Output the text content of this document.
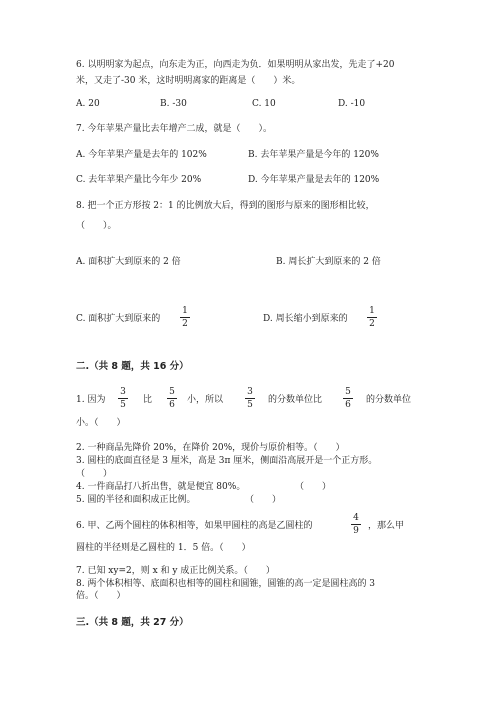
6. 以明明家为起点，向东走为正，向西走为负．如果明明从家出发，先走了+20
米，又走了-30 米，这时明明离家的距离是（　　）米。
A. 20	B. -30	C. 10	D. -10
7. 今年苹果产量比去年增产二成，就是（　　）。
A. 今年苹果产量是去年的 102%	B. 去年苹果产量是今年的 120%
C. 去年苹果产量比今年少 20%	D. 今年苹果产量是去年的 120%
8. 把一个正方形按 2：1 的比例放大后，得到的图形与原来的图形相比较，
（　　）。
A. 面积扩大到原来的 2 倍	B. 周长扩大到原来的 2 倍
C. 面积扩大到原来的
1
2	D. 周长缩小到原来的
1
2
二.（共 8 题，共 16 分）
1. 因为
3
5 比
5
6 小，所以
3
5 的分数单位比
5
6 的分数单位
小。（　　）
2. 一种商品先降价 20%，在降价 20%，现价与原价相等。（　　）
3. 圆柱的底面直径是 3 厘米，高是 3π 厘米，侧面沿高展开是一个正方形。
（　　）
4. 一件商品打八折出售，就是便宜 80%。	（　　）
5. 圆的半径和面积成正比例。	（　　）
6. 甲、乙两个圆柱的体积相等，如果甲圆柱的高是乙圆柱的
4
9 ，那么甲
圆柱的半径则是乙圆柱的 1．5 倍。（　　）
7. 已知 xy=2，则 x 和 y 成正比例关系。（　　）
8. 两个体积相等、底面积也相等的圆柱和圆锥，圆锥的高一定是圆柱高的 3
倍。（　　）
三.（共 8 题，共 27 分）
